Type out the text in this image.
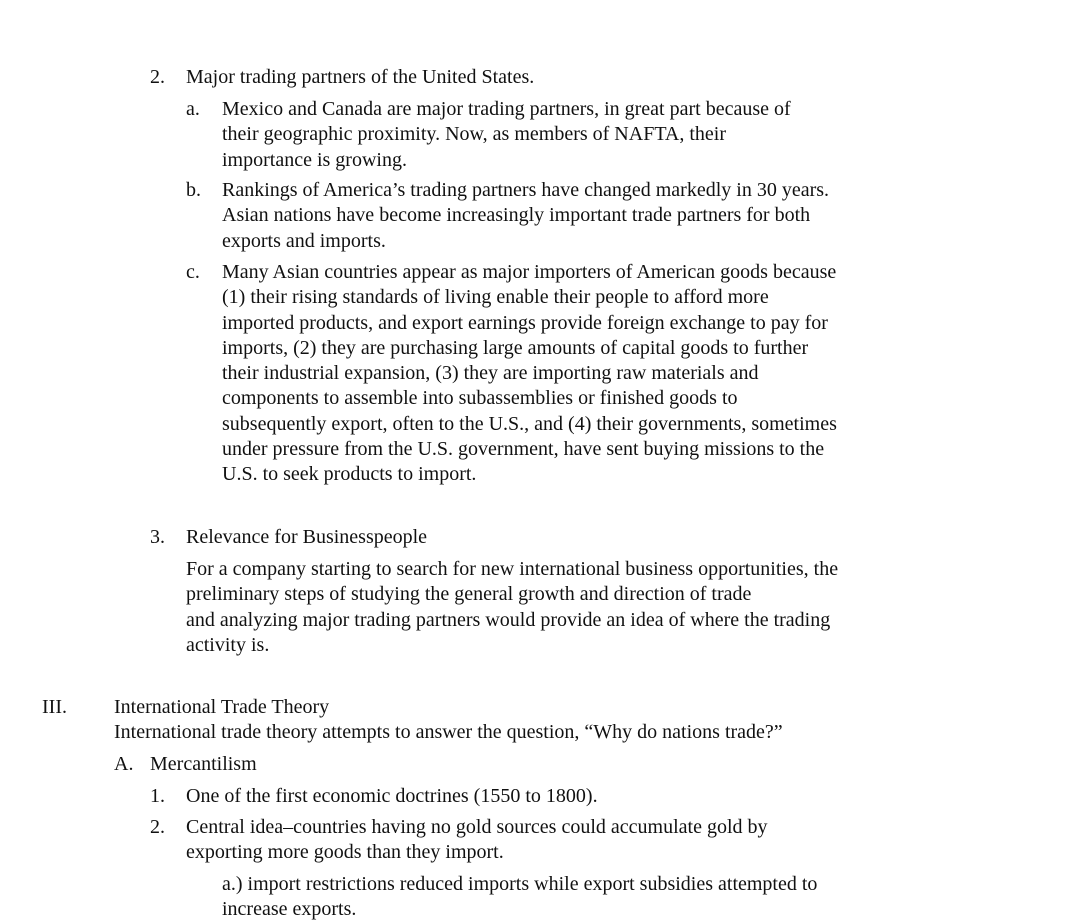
2. Major trading partners of the United States.
a. Mexico and Canada are major trading partners, in great part because of
their geographic proximity. Now, as members of NAFTA, their
importance is growing.
b. Rankings of America’s trading partners have changed markedly in 30 years.
Asian nations have become increasingly important trade partners for both
exports and imports.
c. Many Asian countries appear as major importers of American goods because
(1) their rising standards of living enable their people to afford more
imported products, and export earnings provide foreign exchange to pay for
imports, (2) they are purchasing large amounts of capital goods to further
their industrial expansion, (3) they are importing raw materials and
components to assemble into subassemblies or finished goods to
subsequently export, often to the U.S., and (4) their governments, sometimes
under pressure from the U.S. government, have sent buying missions to the
U.S. to seek products to import.
3. Relevance for Businesspeople
For a company starting to search for new international business opportunities, the
preliminary steps of studying the general growth and direction of trade
and analyzing major trading partners would provide an idea of where the trading
activity is.
III. International Trade Theory
International trade theory attempts to answer the question, “Why do nations trade?”
A. Mercantilism
1. One of the first economic doctrines (1550 to 1800).
2. Central idea–countries having no gold sources could accumulate gold by
exporting more goods than they import.
a.) import restrictions reduced imports while export subsidies attempted to
increase exports.
